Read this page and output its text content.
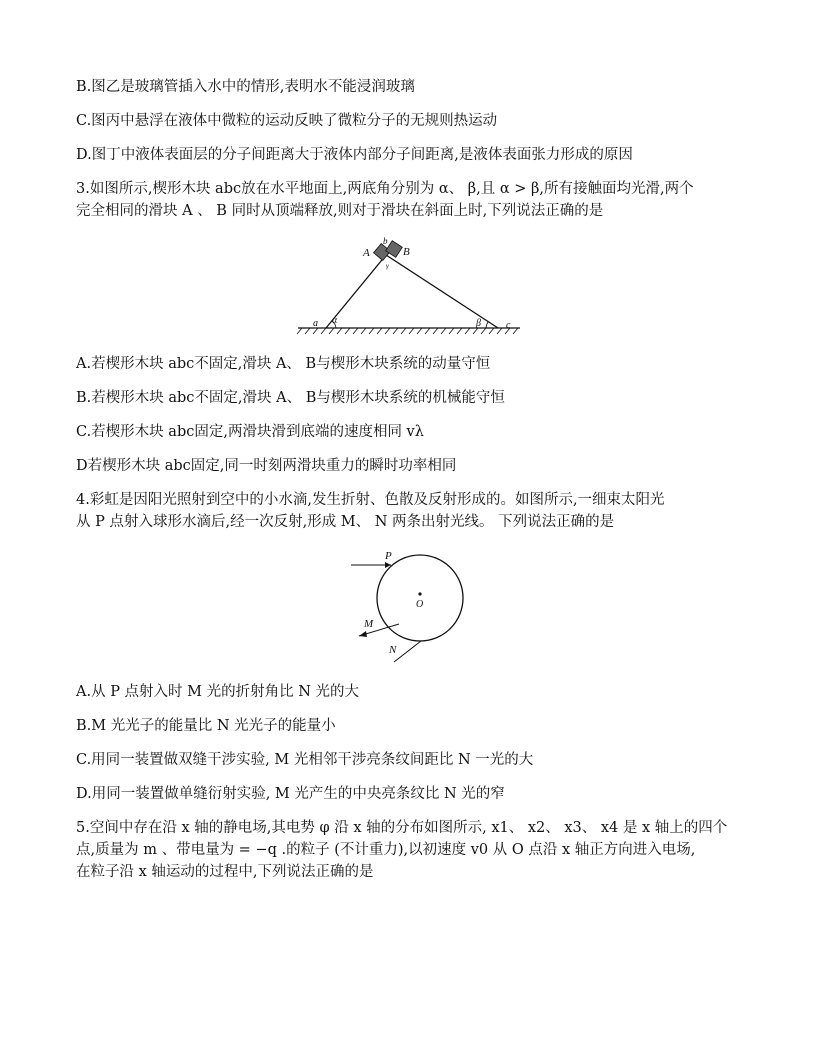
B.图乙是玻璃管插入水中的情形,表明水不能浸润玻璃
C.图丙中悬浮在液体中微粒的运动反映了微粒分子的无规则热运动
D.图丁中液体表面层的分子间距离大于液体内部分子间距离,是液体表面张力形成的原因
3.如图所示,楔形木块 abc放在水平地面上,两底角分别为 α、 β,且 α > β,所有接触面均光滑,两个
完全相同的滑块 A 、 B 同时从顶端释放,则对于滑块在斜面上时,下列说法正确的是
A	B
b
γ
a α	β	c
A.若楔形木块 abc不固定,滑块 A、 B与楔形木块系统的动量守恒
B.若楔形木块 abc不固定,滑块 A、 B与楔形木块系统的机械能守恒
C.若楔形木块 abc固定,两滑块滑到底端的速度相同 vλ
D若楔形木块 abc固定,同一时刻两滑块重力的瞬时功率相同
4.彩虹是因阳光照射到空中的小水滴,发生折射、色散及反射形成的。如图所示,一细束太阳光
从 P 点射入球形水滴后,经一次反射,形成 M、 N 两条出射光线。 下列说法正确的是
P
O
M
N
A.从 P 点射入时 M 光的折射角比 N 光的大
B.M 光光子的能量比 N 光光子的能量小
C.用同一装置做双缝干涉实验, M 光相邻干涉亮条纹间距比 N 一光的大
D.用同一装置做单缝衍射实验, M 光产生的中央亮条纹比 N 光的窄
5.空间中存在沿 x 轴的静电场,其电势 φ 沿 x 轴的分布如图所示, x1、 x2、 x3、 x4 是 x 轴上的四个
点,质量为 m 、带电量为 = −q .的粒子 (不计重力),以初速度 v0 从 O 点沿 x 轴正方向进入电场,
在粒子沿 x 轴运动的过程中,下列说法正确的是
